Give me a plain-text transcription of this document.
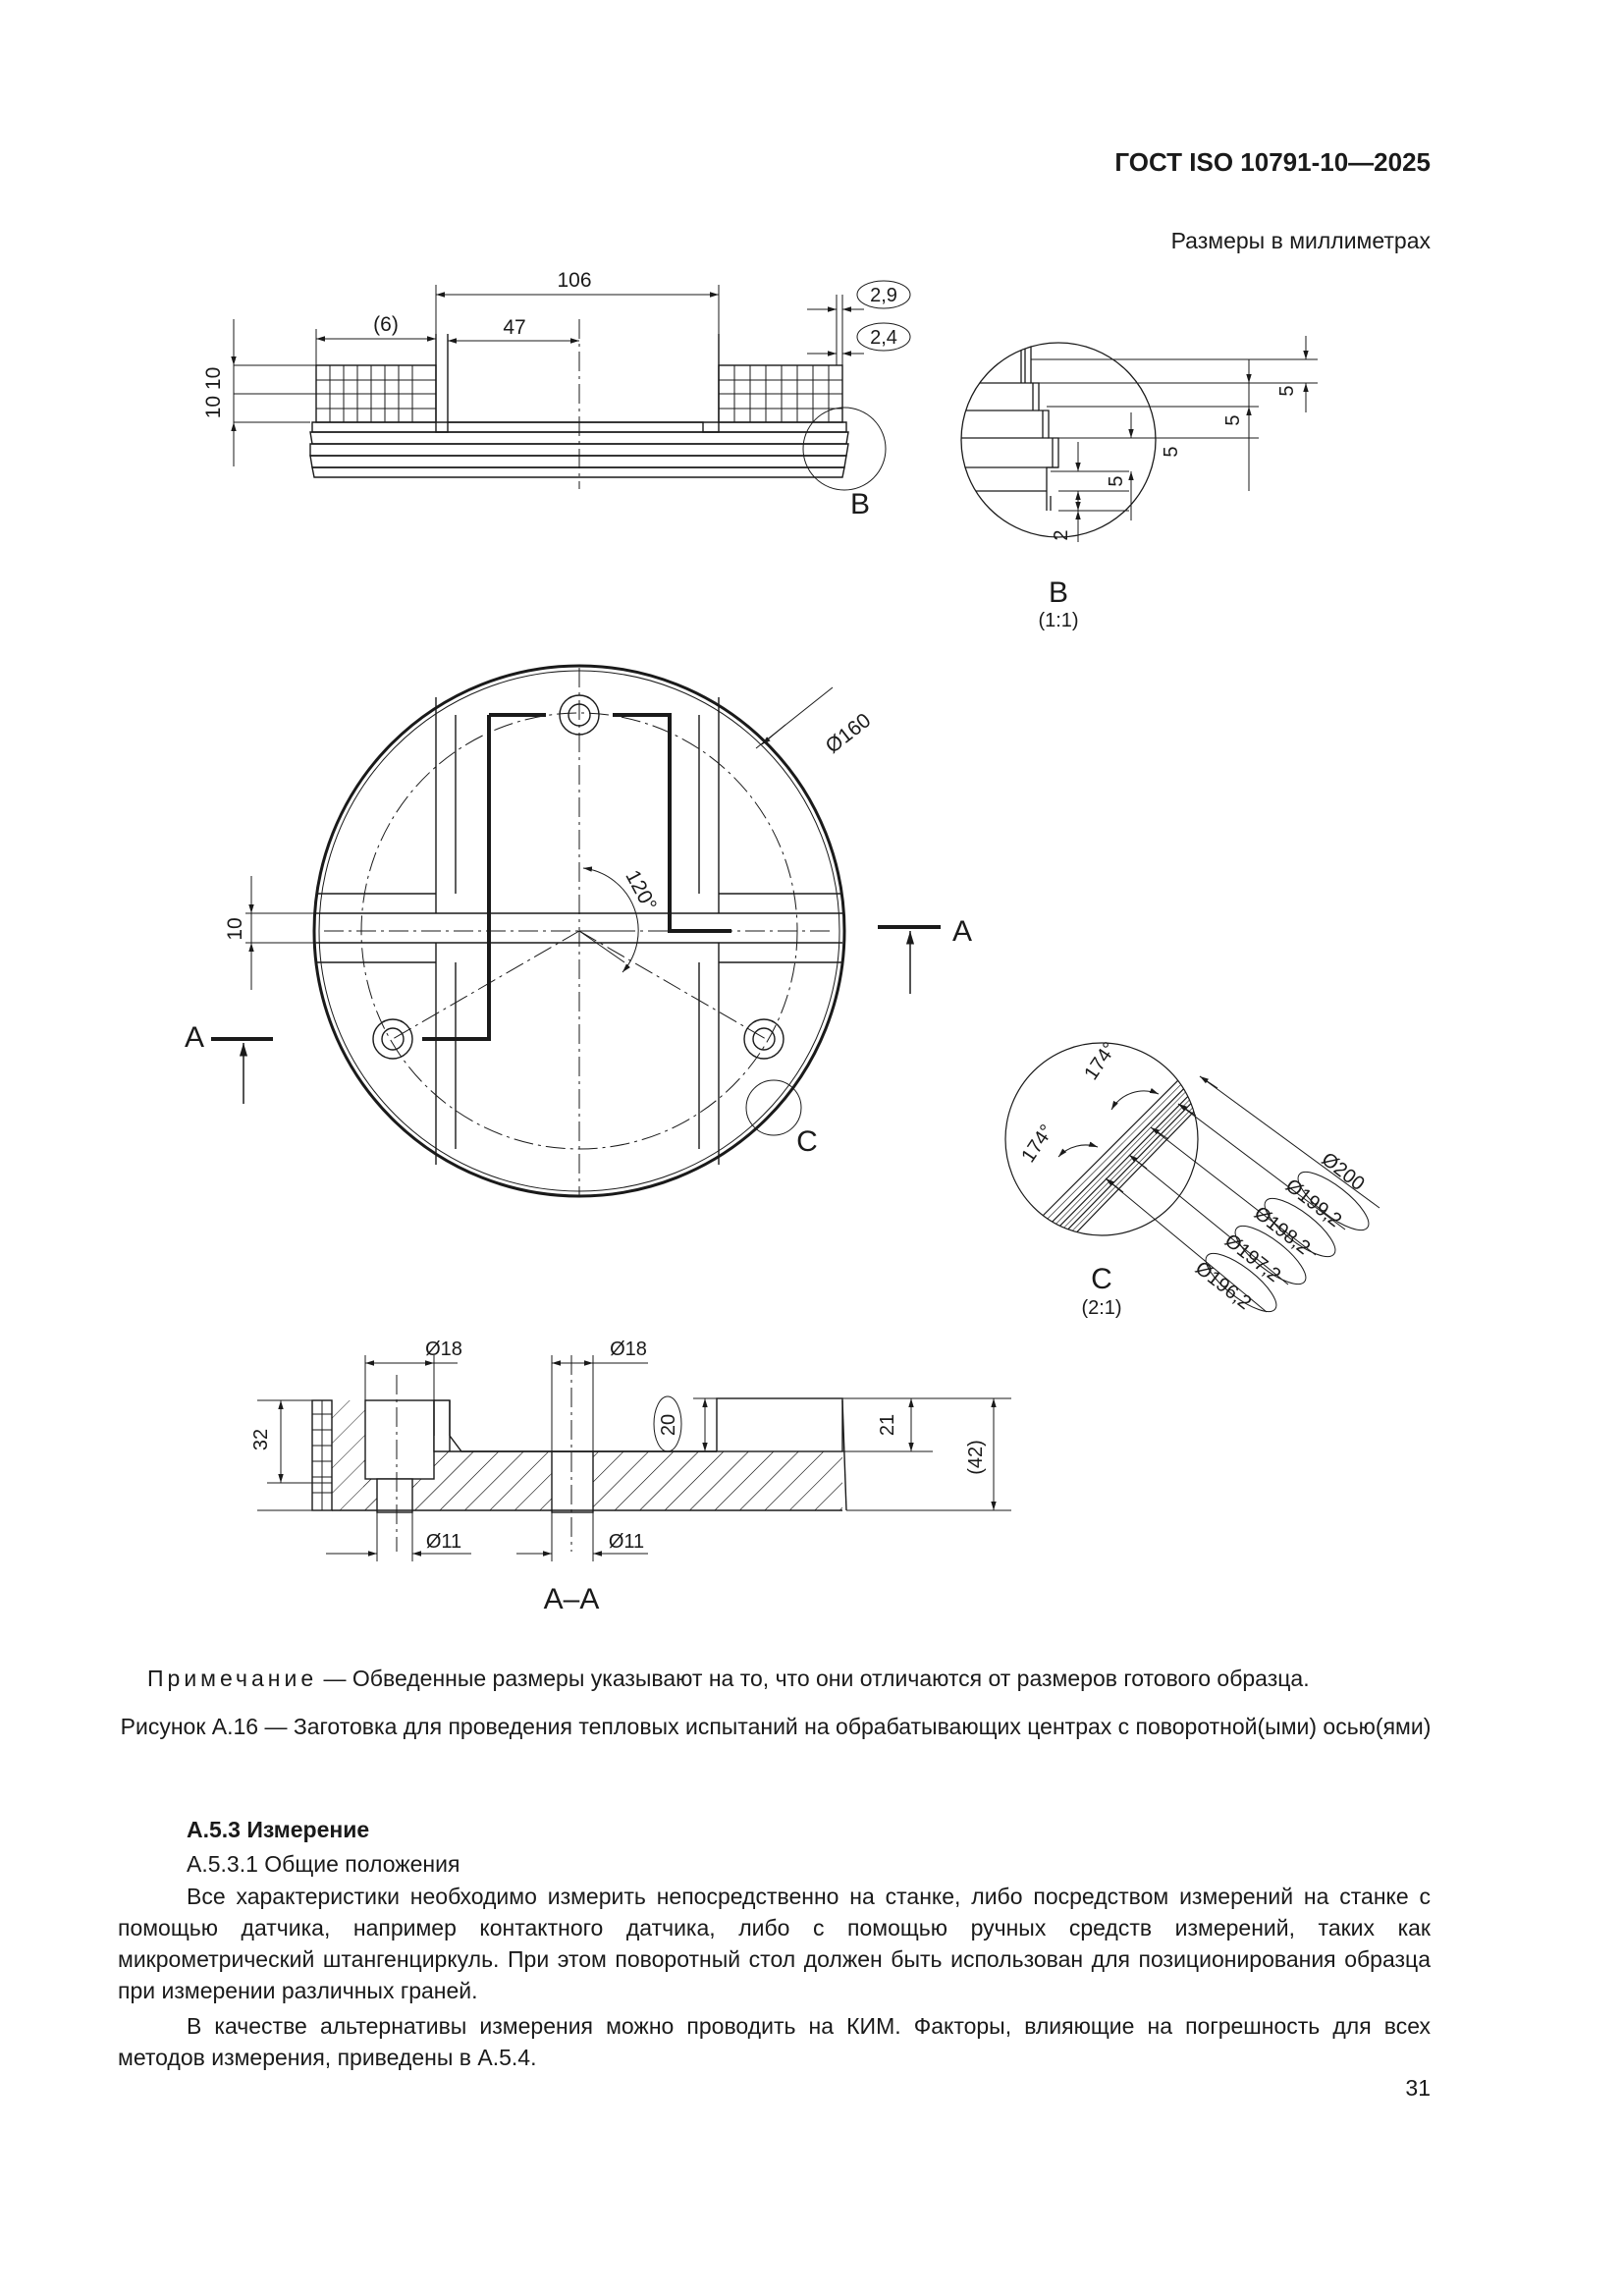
ГОСТ ISO 10791-10—2025
Размеры в миллиметрах
106
(6)	47
10 10
2,9
2,4
B
5
5
5
5
2
B
(1:1)
Ø160
120°
10	A
A
C
174°
174°
Ø200
Ø199,2
Ø198,2
Ø197,2
Ø196,2
C
(2:1)
Ø18	Ø18
Ø11	Ø11
32
20	21
(42)
A–A
Примечание — Обведенные размеры указывают на то, что они отличаются от размеров готового образца.
Рисунок А.16 — Заготовка для проведения тепловых испытаний на обрабатывающих центрах с поворотной(ыми) осью(ями)
А.5.3 Измерение
А.5.3.1 Общие положения
Все характеристики необходимо измерить непосредственно на станке, либо посредством измерений на станке с помощью датчика, например контактного датчика, либо с помощью ручных средств измерений, таких как микрометрический штангенциркуль. При этом поворотный стол должен быть использован для позиционирования образца при измерении различных граней.
В качестве альтернативы измерения можно проводить на КИМ. Факторы, влияющие на погрешность для всех методов измерения, приведены в А.5.4.
31
